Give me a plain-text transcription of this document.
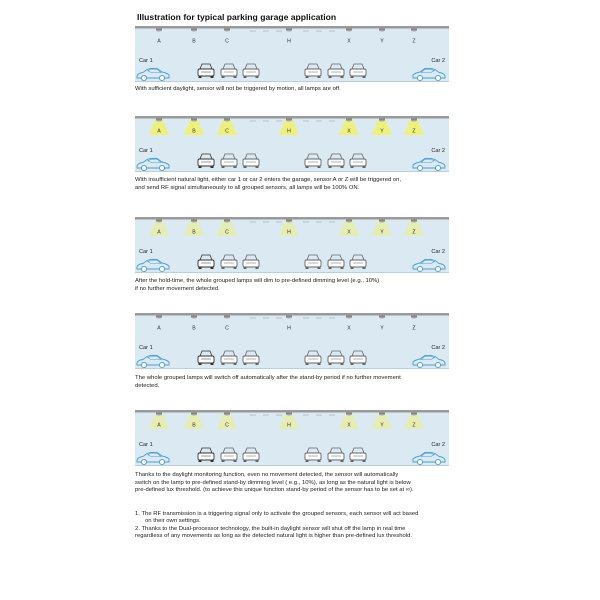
Illustration for typical parking garage application
A	B	C	H	X	Y	Z
Car 1	Car 2
With sufficient daylight, sensor will not be triggered by motion, all lamps are off.
A	B	C	H	X	Y	Z
Car 1	Car 2
With insufficient natural light, either car 1 or car 2 enters the garage, sensor A or Z will be triggered on,
and send RF signal simultaneously to all grouped sensors, all lamps will be 100% ON.
A	B	C	H	X	Y	Z
Car 1	Car 2
After the hold-time, the whole grouped lamps will dim to pre-defined dimming level (e.g., 10%)
if no further movement detected.
A	B	C	H	X	Y	Z
Car 1	Car 2
The whole grouped lamps will switch off automatically after the stand-by period if no further movement
detected.
A	B	C	H	X	Y	Z
Car 1	Car 2
Thanks to the daylight monitoring function, even no movement detected, the sensor will automatically
switch on the lamp to pre-defined stand-by dimming level ( e.g., 10%), as long as the natural light is below
pre-defined lux threshold. (to achieve this unique function stand-by period of the sensor has to be set at ∞).
1. The RF transmission is a triggering signal only to activate the grouped sensors, each sensor will act based
on their own settings.
2. Thanks to the Dual-processor technology, the built-in daylight sensor will shut off the lamp in real time
regardless of any movements as long as the detected natural light is higher than pre-defined lux threshold.
